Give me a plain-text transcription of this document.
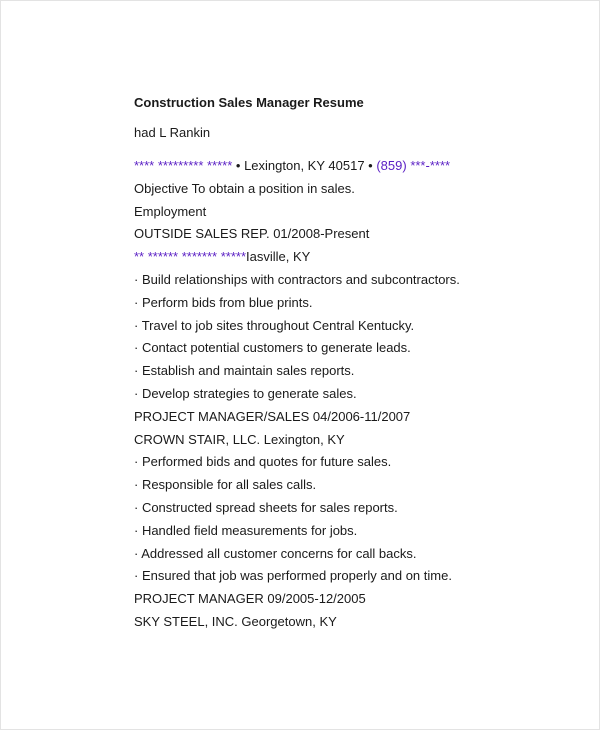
Construction Sales Manager Resume
had L Rankin
**** ********* ***** • Lexington, KY 40517 • (859) ***-****
Objective To obtain a position in sales.
Employment
OUTSIDE SALES REP. 01/2008-Present
** ****** ******* *****Iasville, KY
· Build relationships with contractors and subcontractors.
· Perform bids from blue prints.
· Travel to job sites throughout Central Kentucky.
· Contact potential customers to generate leads.
· Establish and maintain sales reports.
· Develop strategies to generate sales.
PROJECT MANAGER/SALES 04/2006-11/2007
CROWN STAIR, LLC. Lexington, KY
· Performed bids and quotes for future sales.
· Responsible for all sales calls.
· Constructed spread sheets for sales reports.
· Handled field measurements for jobs.
· Addressed all customer concerns for call backs.
· Ensured that job was performed properly and on time.
PROJECT MANAGER 09/2005-12/2005
SKY STEEL, INC. Georgetown, KY
